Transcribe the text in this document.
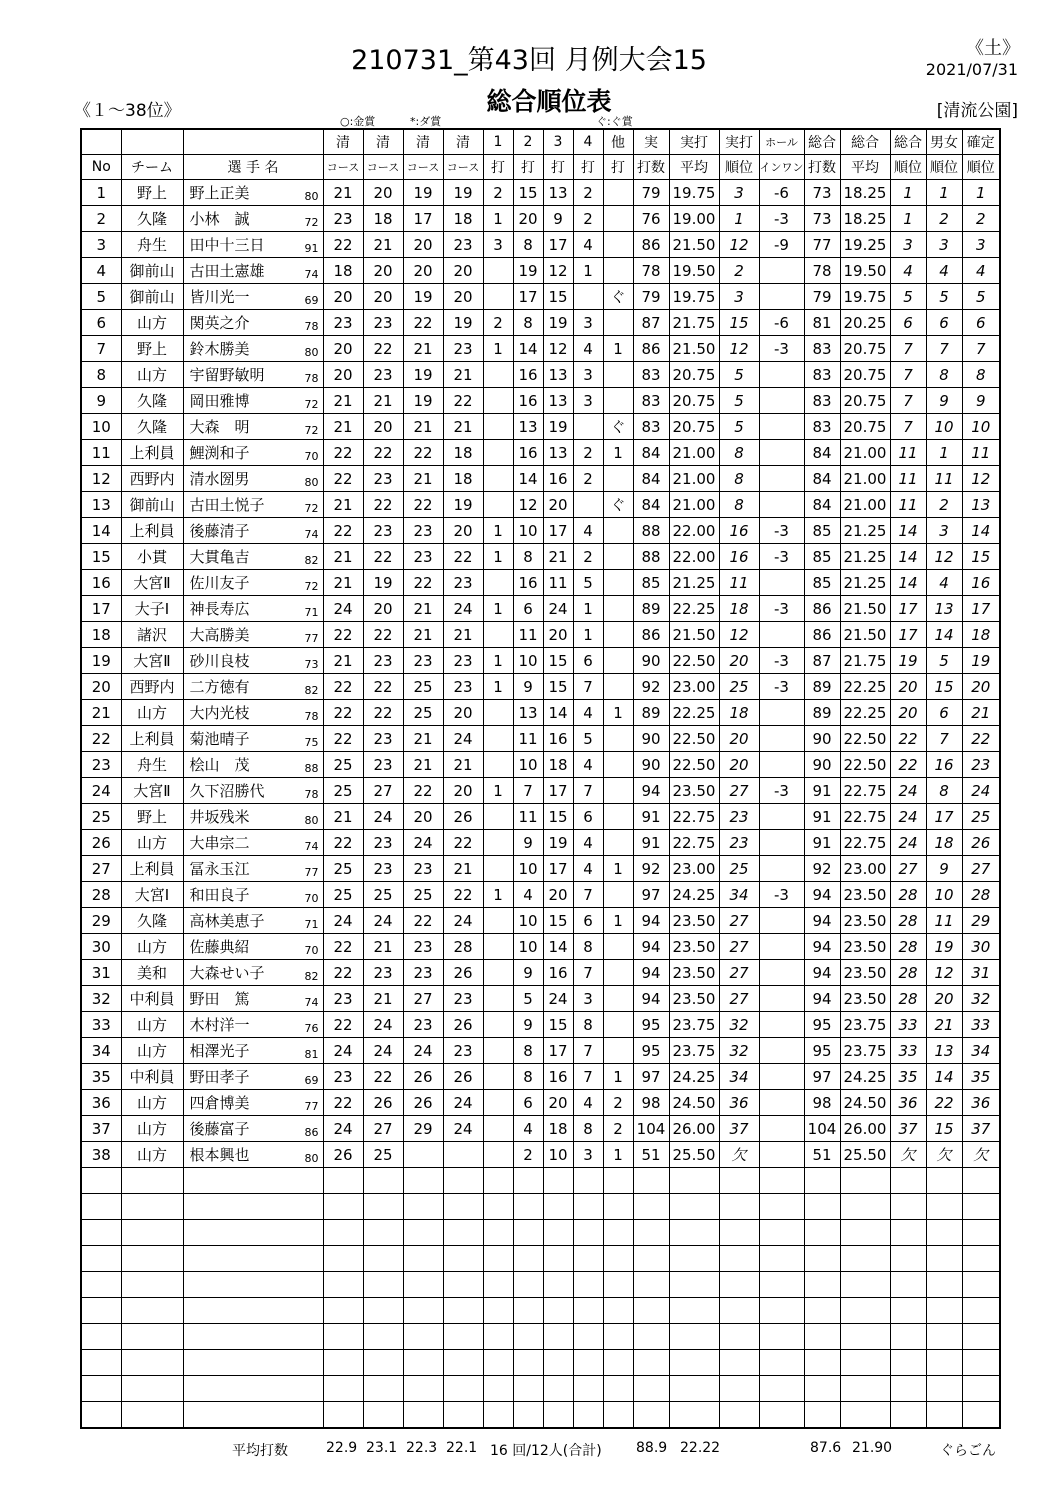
210731_第43回 月例大会15
総合順位表
《土》
2021/07/31
《１～38位》	[清流公園]
○:金賞	*:ダ賞	ぐ:ぐ賞
			清	清	清	清	1	2	3	4	他	実	実打	実打	ホール	総合	総合	総合	男女	確定
No	チーム	選 手 名	コース	コース	コース	コース	打	打	打	打	打	打数	平均	順位	インワン	打数	平均	順位	順位	順位
1	野上	野上正美 80	21	20	19	19	2	15	13	2		79	19.75	3	-6	73	18.25	1	1	1
2	久隆	小林　誠 72	23	18	17	18	1	20	9	2		76	19.00	1	-3	73	18.25	1	2	2
3	舟生	田中十三日 91	22	21	20	23	3	8	17	4		86	21.50	12	-9	77	19.25	3	3	3
4	御前山	古田土憲雄 74	18	20	20	20		19	12	1		78	19.50	2		78	19.50	4	4	4
5	御前山	皆川光一 69	20	20	19	20		17	15		ぐ	79	19.75	3		79	19.75	5	5	5
6	山方	関英之介 78	23	23	22	19	2	8	19	3		87	21.75	15	-6	81	20.25	6	6	6
7	野上	鈴木勝美 80	20	22	21	23	1	14	12	4	1	86	21.50	12	-3	83	20.75	7	7	7
8	山方	宇留野敏明 78	20	23	19	21		16	13	3		83	20.75	5		83	20.75	7	8	8
9	久隆	岡田雅博 72	21	21	19	22		16	13	3		83	20.75	5		83	20.75	7	9	9
10	久隆	大森　明 72	21	20	21	21		13	19		ぐ	83	20.75	5		83	20.75	7	10	10
11	上利員	鯉渕和子 70	22	22	22	18		16	13	2	1	84	21.00	8		84	21.00	11	1	11
12	西野内	清水圀男 80	22	23	21	18		14	16	2		84	21.00	8		84	21.00	11	11	12
13	御前山	古田土悦子 72	21	22	22	19		12	20		ぐ	84	21.00	8		84	21.00	11	2	13
14	上利員	後藤清子 74	22	23	23	20	1	10	17	4		88	22.00	16	-3	85	21.25	14	3	14
15	小貫	大貫亀吉 82	21	22	23	22	1	8	21	2		88	22.00	16	-3	85	21.25	14	12	15
16	大宮Ⅱ	佐川友子 72	21	19	22	23		16	11	5		85	21.25	11		85	21.25	14	4	16
17	大子Ⅰ	神長寿広 71	24	20	21	24	1	6	24	1		89	22.25	18	-3	86	21.50	17	13	17
18	諸沢	大高勝美 77	22	22	21	21		11	20	1		86	21.50	12		86	21.50	17	14	18
19	大宮Ⅱ	砂川良枝 73	21	23	23	23	1	10	15	6		90	22.50	20	-3	87	21.75	19	5	19
20	西野内	二方徳有 82	22	22	25	23	1	9	15	7		92	23.00	25	-3	89	22.25	20	15	20
21	山方	大内光枝 78	22	22	25	20		13	14	4	1	89	22.25	18		89	22.25	20	6	21
22	上利員	菊池晴子 75	22	23	21	24		11	16	5		90	22.50	20		90	22.50	22	7	22
23	舟生	桧山　茂 88	25	23	21	21		10	18	4		90	22.50	20		90	22.50	22	16	23
24	大宮Ⅱ	久下沼勝代 78	25	27	22	20	1	7	17	7		94	23.50	27	-3	91	22.75	24	8	24
25	野上	井坂残米 80	21	24	20	26		11	15	6		91	22.75	23		91	22.75	24	17	25
26	山方	大串宗二 74	22	23	24	22		9	19	4		91	22.75	23		91	22.75	24	18	26
27	上利員	冨永玉江 77	25	23	23	21		10	17	4	1	92	23.00	25		92	23.00	27	9	27
28	大宮Ⅰ	和田良子 70	25	25	25	22	1	4	20	7		97	24.25	34	-3	94	23.50	28	10	28
29	久隆	高林美恵子 71	24	24	22	24		10	15	6	1	94	23.50	27		94	23.50	28	11	29
30	山方	佐藤典紹 70	22	21	23	28		10	14	8		94	23.50	27		94	23.50	28	19	30
31	美和	大森せい子 82	22	23	23	26		9	16	7		94	23.50	27		94	23.50	28	12	31
32	中利員	野田　篤 74	23	21	27	23		5	24	3		94	23.50	27		94	23.50	28	20	32
33	山方	木村洋一 76	22	24	23	26		9	15	8		95	23.75	32		95	23.75	33	21	33
34	山方	相澤光子 81	24	24	24	23		8	17	7		95	23.75	32		95	23.75	33	13	34
35	中利員	野田孝子 69	23	22	26	26		8	16	7	1	97	24.25	34		97	24.25	35	14	35
36	山方	四倉博美 77	22	26	26	24		6	20	4	2	98	24.50	36		98	24.50	36	22	36
37	山方	後藤富子 86	24	27	29	24		4	18	8	2	104	26.00	37		104	26.00	37	15	37
38	山方	根本興也 80	26	25				2	10	3	1	51	25.50	欠		51	25.50	欠	欠	欠

平均打数	22.9 23.1 22.3 22.1 16 回/12人(合計) 88.9 22.22	87.6 21.90	ぐらごん
